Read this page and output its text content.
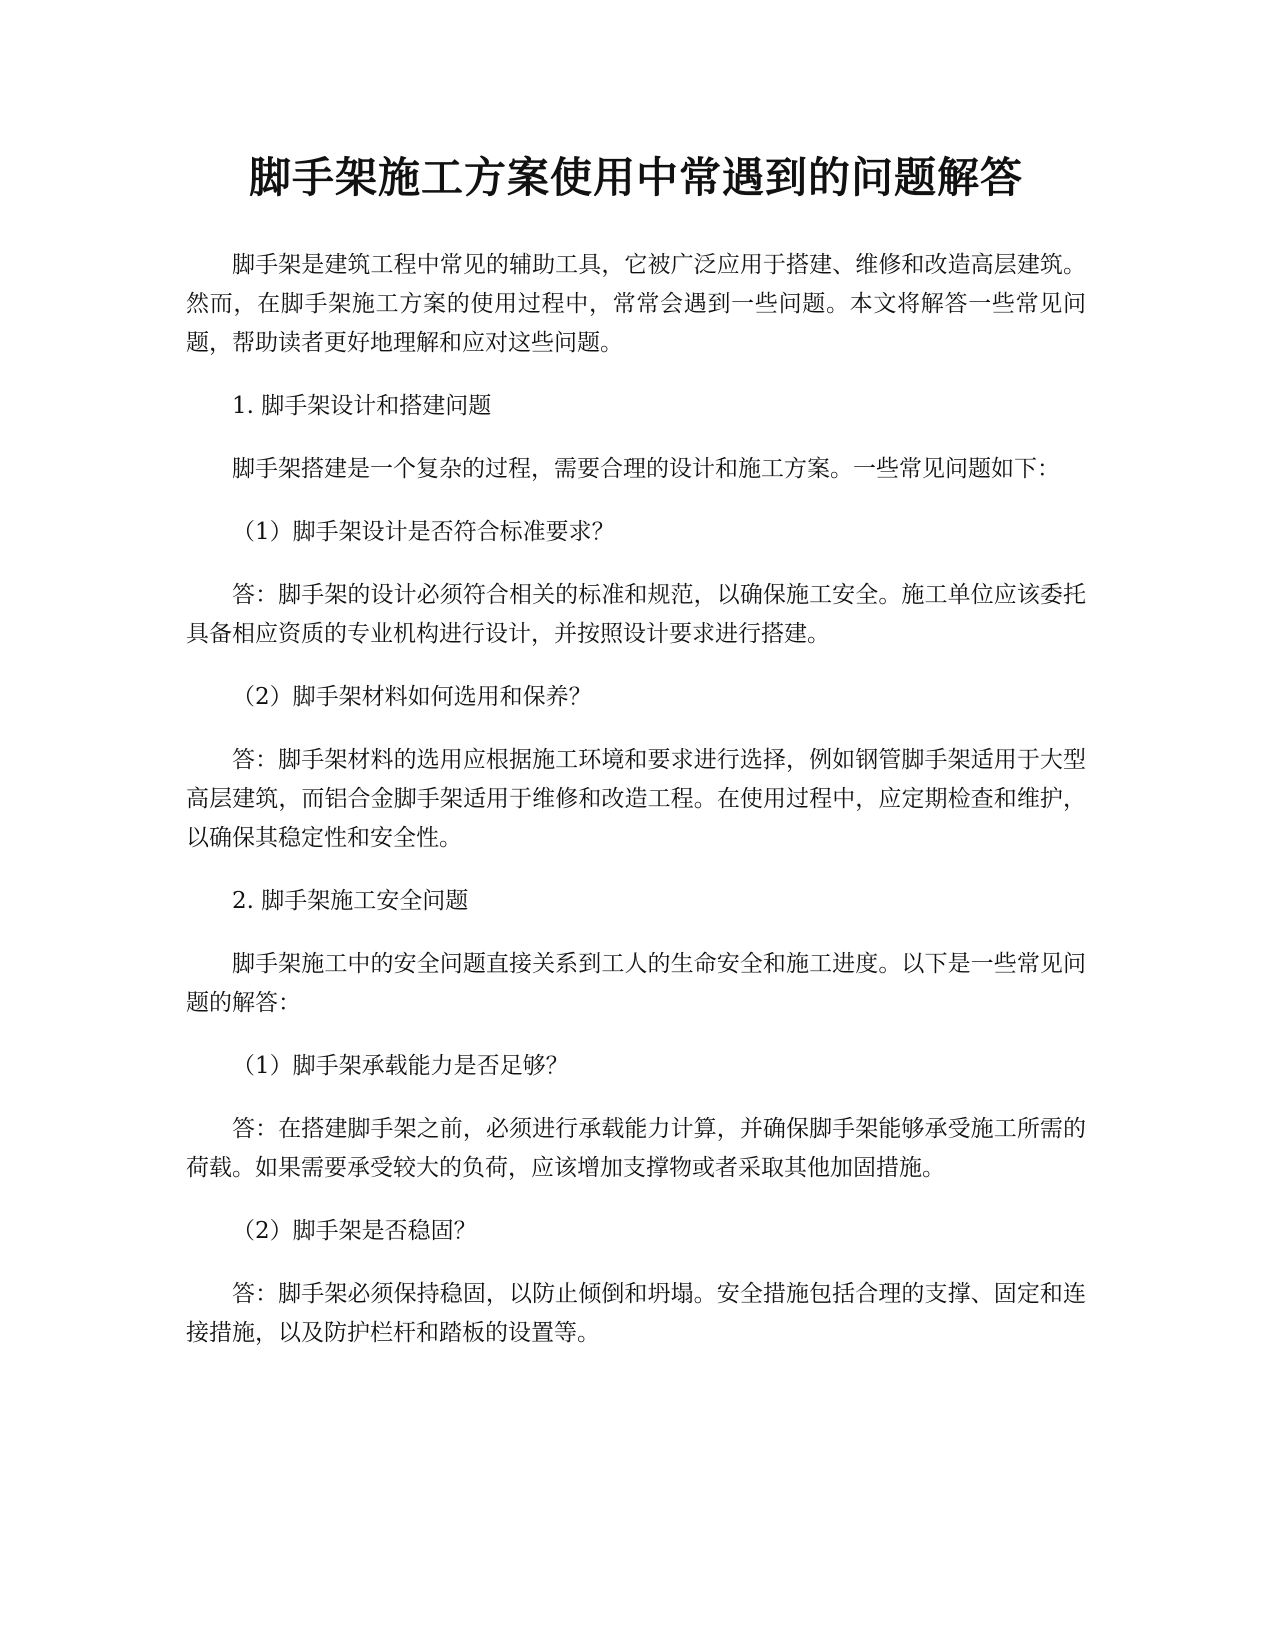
脚手架施工方案使用中常遇到的问题解答

脚手架是建筑工程中常见的辅助工具，它被广泛应用于搭建、维修和改造高层建筑。然而，在脚手架施工方案的使用过程中，常常会遇到一些问题。本文将解答一些常见问题，帮助读者更好地理解和应对这些问题。

1. 脚手架设计和搭建问题

脚手架搭建是一个复杂的过程，需要合理的设计和施工方案。一些常见问题如下：

（1）脚手架设计是否符合标准要求？

答：脚手架的设计必须符合相关的标准和规范，以确保施工安全。施工单位应该委托具备相应资质的专业机构进行设计，并按照设计要求进行搭建。

（2）脚手架材料如何选用和保养？

答：脚手架材料的选用应根据施工环境和要求进行选择，例如钢管脚手架适用于大型高层建筑，而铝合金脚手架适用于维修和改造工程。在使用过程中，应定期检查和维护，以确保其稳定性和安全性。

2. 脚手架施工安全问题

脚手架施工中的安全问题直接关系到工人的生命安全和施工进度。以下是一些常见问题的解答：

（1）脚手架承载能力是否足够？

答：在搭建脚手架之前，必须进行承载能力计算，并确保脚手架能够承受施工所需的荷载。如果需要承受较大的负荷，应该增加支撑物或者采取其他加固措施。

（2）脚手架是否稳固？

答：脚手架必须保持稳固，以防止倾倒和坍塌。安全措施包括合理的支撑、固定和连接措施，以及防护栏杆和踏板的设置等。
